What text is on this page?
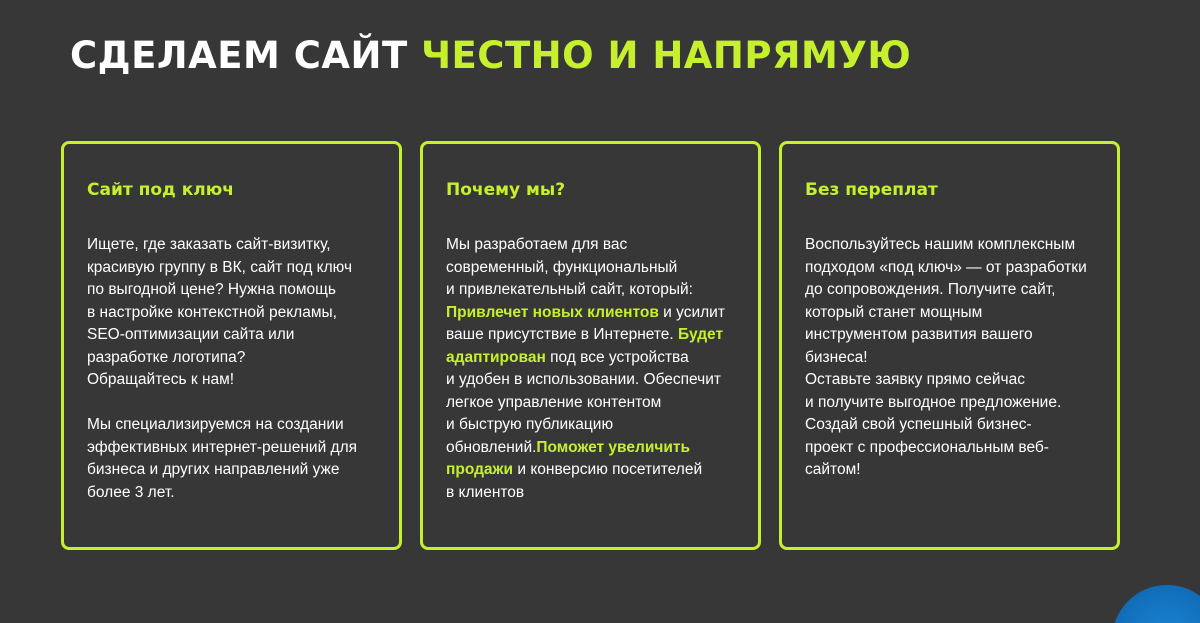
СДЕЛАЕМ САЙТ ЧЕСТНО И НАПРЯМУЮ
Сайт под ключ

Ищете, где заказать сайт-визитку,

красивую группу в ВК, сайт под ключ

по выгодной цене? Нужна помощь

в настройке контекстной рекламы,

SEO-оптимизации сайта или

разработке логотипа?

Обращайтесь к нам!

Мы специализируемся на создании

эффективных интернет-решений для

бизнеса и других направлений уже

более 3 лет.

Почему мы?

Мы разработаем для вас

современный, функциональный

и привлекательный сайт, который:

Привлечет новых клиентов и усилит

ваше присутствие в Интернете. Будет

адаптирован под все устройства

и удобен в использовании. Обеспечит

легкое управление контентом

и быструю публикацию

обновлений.Поможет увеличить

продажи и конверсию посетителей

в клиентов

Без переплат

Воспользуйтесь нашим комплексным

подходом «под ключ» — от разработки

до сопровождения. Получите сайт,

который станет мощным

инструментом развития вашего

бизнеса!

Оставьте заявку прямо сейчас

и получите выгодное предложение.

Создай свой успешный бизнес-

проект с профессиональным веб-

сайтом!
